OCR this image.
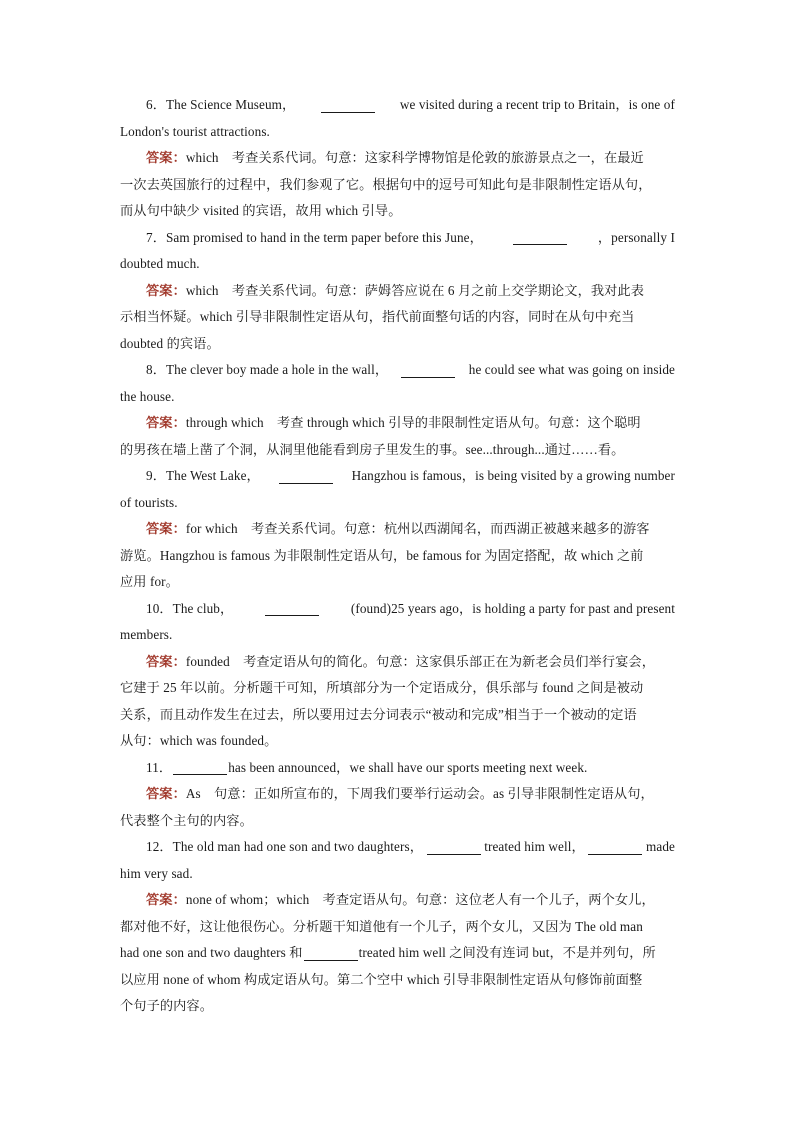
6．The Science Museum，	we visited during a recent trip to Britain，is one of
London's tourist attractions.
答案： which　考查关系代词。句意：这家科学博物馆是伦敦的旅游景点之一，在最近
一次去英国旅行的过程中，我们参观了它。根据句中的逗号可知此句是非限制性定语从句，
而从句中缺少 visited 的宾语，故用 which 引导。
7．Sam promised to hand in the term paper before this June，	，personally I
doubted much.
答案： which　考查关系代词。句意：萨姆答应说在 6 月之前上交学期论文，我对此表
示相当怀疑。which 引导非限制性定语从句，指代前面整句话的内容，同时在从句中充当
doubted 的宾语。
8．The clever boy made a hole in the wall，	he could see what was going on inside
the house.
答案： through which　考查 through which 引导的非限制性定语从句。句意：这个聪明
的男孩在墙上凿了个洞，从洞里他能看到房子里发生的事。see...through...通过……看。
9．The West Lake，	Hangzhou is famous，is being visited by a growing number
of tourists.
答案： for which　考查关系代词。句意：杭州以西湖闻名，而西湖正被越来越多的游客
游览。Hangzhou is famous 为非限制性定语从句，be famous for 为固定搭配，故 which 之前
应用 for。
10．The club，	(found)25 years ago，is holding a party for past and present
members.
答案： founded　考查定语从句的简化。句意：这家俱乐部正在为新老会员们举行宴会，
它建于 25 年以前。分析题干可知，所填部分为一个定语成分，俱乐部与 found 之间是被动
关系，而且动作发生在过去，所以要用过去分词表示“被动和完成”相当于一个被动的定语
从句：which was founded。
11．	has been announced，we shall have our sports meeting next week.
答案： As　句意：正如所宣布的，下周我们要举行运动会。as 引导非限制性定语从句，
代表整个主句的内容。
12．The old man had one son and two daughters，	treated him well，	made
him very sad.
答案： none of whom；which　考查定语从句。句意：这位老人有一个儿子，两个女儿，
都对他不好，这让他很伤心。分析题干知道他有一个儿子，两个女儿，又因为 The old man
had one son and two daughters 和	treated him well 之间没有连词 but，不是并列句，所
以应用 none of whom 构成定语从句。第二个空中 which 引导非限制性定语从句修饰前面整
个句子的内容。
